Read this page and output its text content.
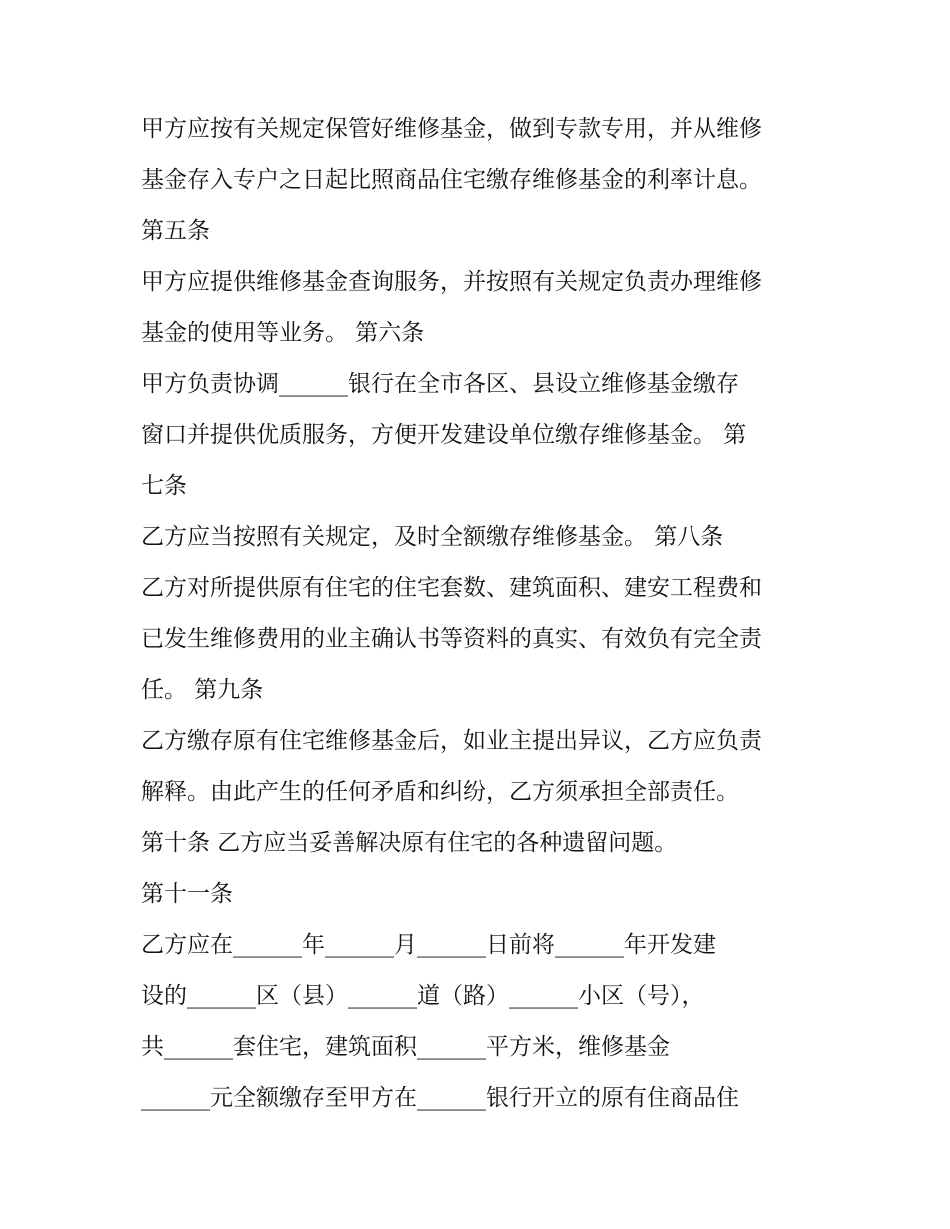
甲方应按有关规定保管好维修基金，做到专款专用，并从维修

基金存入专户之日起比照商品住宅缴存维修基金的利率计息。

第五条

甲方应提供维修基金查询服务，并按照有关规定负责办理维修

基金的使用等业务。 第六条

甲方负责协调______银行在全市各区、县设立维修基金缴存

窗口并提供优质服务，方便开发建设单位缴存维修基金。 第

七条

乙方应当按照有关规定，及时全额缴存维修基金。 第八条

乙方对所提供原有住宅的住宅套数、建筑面积、建安工程费和

已发生维修费用的业主确认书等资料的真实、有效负有完全责

任。 第九条

乙方缴存原有住宅维修基金后，如业主提出异议，乙方应负责

解释。由此产生的任何矛盾和纠纷，乙方须承担全部责任。

第十条 乙方应当妥善解决原有住宅的各种遗留问题。

第十一条

乙方应在______年______月______日前将______年开发建

设的______区（县）______道（路）______小区（号），

共______套住宅，建筑面积______平方米，维修基金

______元全额缴存至甲方在______银行开立的原有住商品住
